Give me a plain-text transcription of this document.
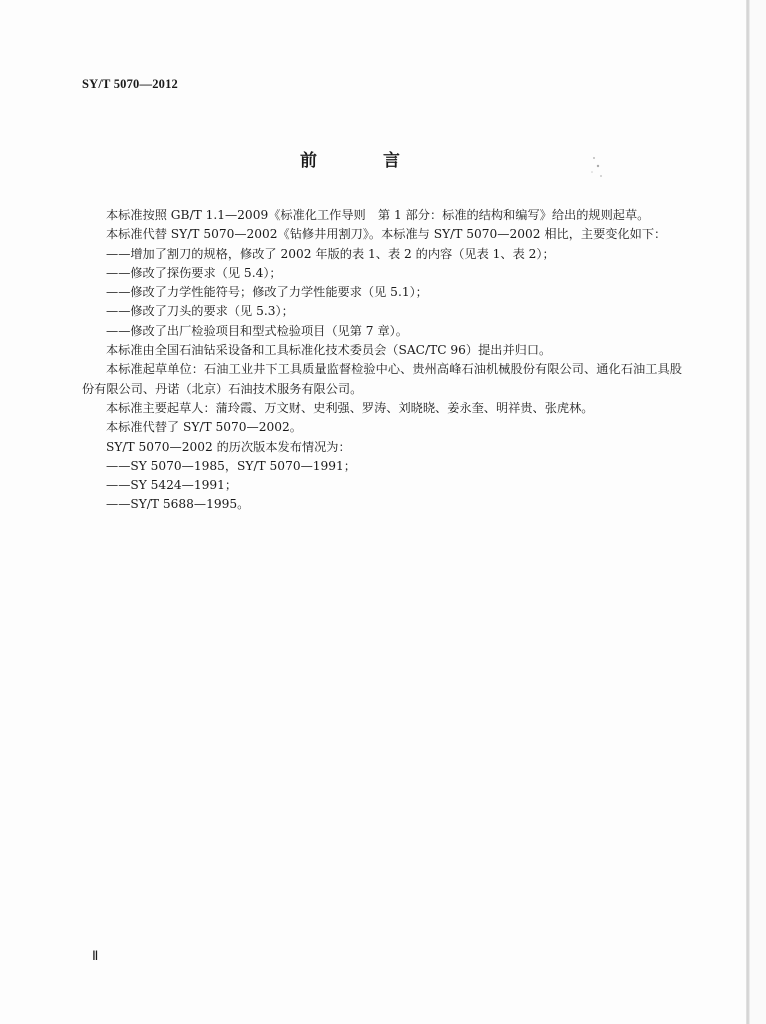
SY/T 5070—2012
前 言

本标准按照 GB/T 1.1—2009《标准化工作导则　第 1 部分：标准的结构和编写》给出的规则起草。

本标准代替 SY/T 5070—2002《钻修井用割刀》。本标准与 SY/T 5070—2002 相比，主要变化如下：

——增加了割刀的规格，修改了 2002 年版的表 1、表 2 的内容（见表 1、表 2）；

——修改了探伤要求（见 5.4）；

——修改了力学性能符号；修改了力学性能要求（见 5.1）；

——修改了刀头的要求（见 5.3）；

——修改了出厂检验项目和型式检验项目（见第 7 章）。

本标准由全国石油钻采设备和工具标准化技术委员会（SAC/TC 96）提出并归口。

本标准起草单位：石油工业井下工具质量监督检验中心、贵州高峰石油机械股份有限公司、通化石油工具股份有限公司、丹诺（北京）石油技术服务有限公司。

本标准主要起草人：蒲玲霞、万文财、史利强、罗涛、刘晓晓、姜永奎、明祥贵、张虎林。

本标准代替了 SY/T 5070—2002。

SY/T 5070—2002 的历次版本发布情况为：

——SY 5070—1985，SY/T 5070—1991；

——SY 5424—1991；

——SY/T 5688—1995。

Ⅱ
